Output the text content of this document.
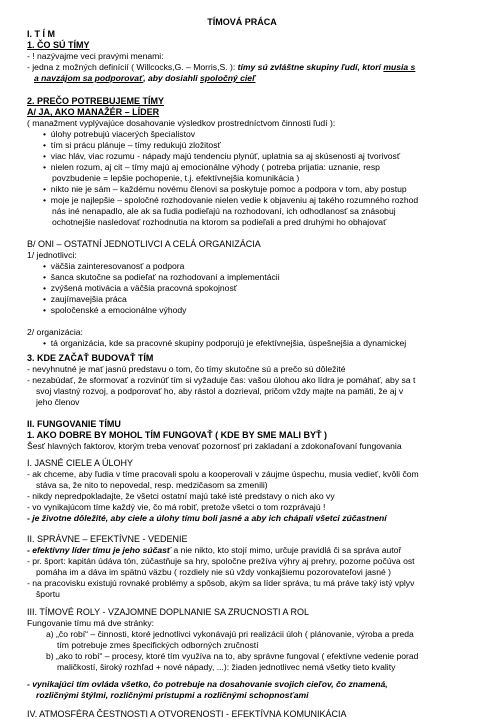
TÍMOVÁ PRÁCA
I. T Í M
1. ČO SÚ TÍMY
- ! nazývajme veci pravými menami:
- jedna z možných definícií ( Willcocks,G. – Morris,S. ): tímy sú zvláštne skupiny ľudí, ktorí musia s
a navzájom sa podporovať, aby dosiahli spoločný cieľ
2. PREČO POTREBUJEME TÍMY
A/ JA, AKO MANAŽÉR – LÍDER
( manažment vyplývajúce dosahovanie výsledkov prostredníctvom činnosti ľudí ):
•  úlohy potrebujú viacerých špecialistov
•  tím si prácu plánuje – tímy redukujú zložitosť
•  viac hláv, viac rozumu - nápady majú tendenciu plynúť, uplatnia sa aj skúsenosti aj tvorivosť
•  nielen rozum, aj cit – tímy majú aj emocionálne výhody ( potreba prijatia: uznanie, resp
povzbudenie = lepšie pochopenie, t.j. efektívnejšia komunikácia )
•  nikto nie je sám – každému novému členovi sa poskytuje pomoc a podpora v tom, aby postup
•  moje je najlepšie – spoločné rozhodovanie nielen vedie k objaveniu aj takého rozumného rozhod
nás iné nenapadlo, ale ak sa ľudia podieľajú na rozhodovaní, ich odhodlanosť sa znásobuj
ochotnejšie nasledovať rozhodnutia na ktorom sa podieľali a pred druhými ho obhajovať
B/ ONI – OSTATNÍ JEDNOTLIVCI A CELÁ ORGANIZÁCIA
1/ jednotlivci:
•  väčšia zainteresovanosť a podpora
•  šanca skutočne sa podieľať na rozhodovaní a implementácii
•  zvýšená motivácia a väčšia pracovná spokojnosť
•  zaujímavejšia práca
•  spoločenské a emocionálne výhody
2/ organizácia:
•  tá organizácia, kde sa pracovné skupiny podporujú je efektívnejšia, úspešnejšia a dynamickej
3. KDE ZAČAŤ BUDOVAŤ TÍM
- nevyhnutné je mať jasnú predstavu o tom, čo tímy skutočne sú a prečo sú dôležité
- nezabúdať, že sformovať a rozvinúť tím si vyžaduje čas: vašou úlohou ako lídra je pomáhať, aby sa t
svoj vlastný rozvoj, a podporovať ho, aby rástol a dozrieval, pričom vždy majte na pamäti, že aj v
jeho členov
II. FUNGOVANIE TÍMU
1. AKO DOBRE BY MOHOL TÍM FUNGOVAŤ ( KDE BY SME MALI BYŤ )
Šesť hlavných faktorov, ktorým treba venovať pozornosť pri zakladaní a zdokonaľovaní fungovania
I. JASNÉ CIELE A ÚLOHY
- ak chceme, aby ľudia v tíme pracovali spolu a kooperovali v záujme úspechu, musia vedieť, kvôli čom
stáva sa, že nito to nepovedal, resp. medzičasom sa zmenili)
- nikdy nepredpokladajte, že všetci ostatní majú také isté predstavy o nich ako vy
- vo vynikajúcom tíme každý vie, čo má robiť, pretože všetci o tom rozprávajú !
- je životne dôležité, aby ciele a úlohy tímu boli jasné a aby ich chápali všetci zúčastnení
II. SPRÁVNE – EFEKTÍVNE - VEDENIE
- efektívny líder tímu je jeho súčasť a nie nikto, kto stojí mimo, určuje pravidlá či sa správa autoř
- pr. šport: kapitán údáva tón, zúčastňuje sa hry, spoločne prežíva výhry aj prehry, pozorne počúva ost
pomáha im a dáva im spätnú väzbu ( rozdiely nie sú vždy vonkajšiemu pozorovateľovi jasné )
- na pracovisku existujú rovnaké problémy a spôsob, akým sa líder správa, tu má práve taký istý vplyv
športu
III. TÍMOVÉ ROLY - VZAJOMNE DOPLNANIE SA ZRUCNOSTI A ROL
Fungovanie tímu má dve stránky:
a) „čo robí“ – činnosti, ktoré jednotlivci vykonávajú pri realizácii úloh ( plánovanie, výroba a preda
tím potrebuje zmes špecifických odborných zručností
b) „ako to robí“ – procesy, ktoré tím využíva na to, aby správne fungoval ( efektívne vedenie porad
maličkostí, široký rozhľad + nové nápady, ...): žiaden jednotlivec nemá všetky tieto kvality
- vynikajúci tím ovláda všetko, čo potrebuje na dosahovanie svojich cieľov, čo znamená,
rozličnými štýlmi, rozličnými prístupmi a rozličnými schopnosťami
IV. ATMOSFÉRA ČESTNOSTI A OTVORENOSTI - EFEKTÍVNA KOMUNIKÁCIA
